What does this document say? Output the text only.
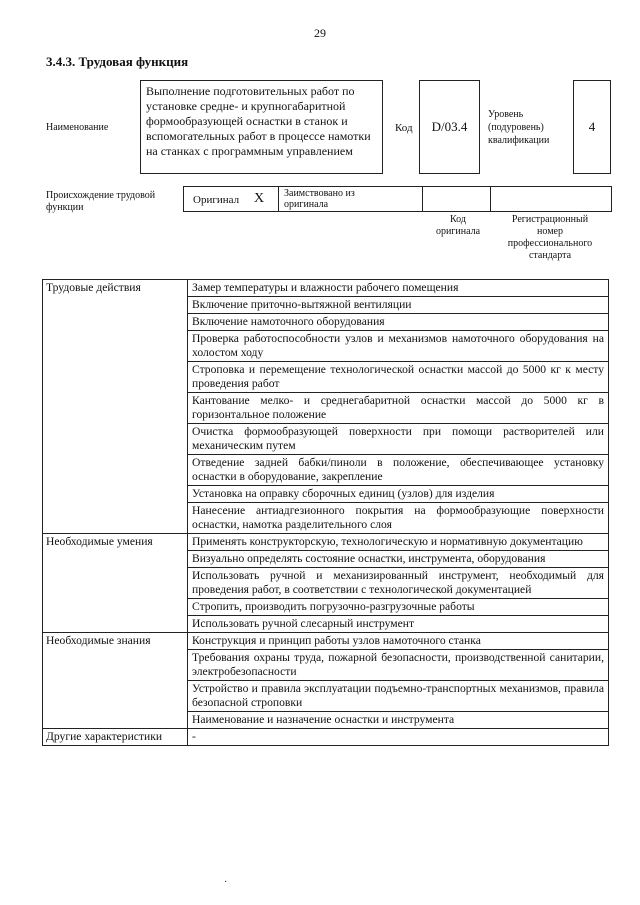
29
3.4.3. Трудовая функция
Наименование
Выполнение подготовительных работ по установке средне- и крупногабаритной формообразующей оснастки в станок и вспомогательных работ в процессе намотки на станках с программным управлением
Код D/03.4
Уровень
(подуровень)
квалификации
4
Происхождение трудовой
функции
Оригинал X Заимствовано из
оригинала
Код
оригинала
Регистрационный
номер
профессионального
стандарта
Трудовые действия	Замер температуры и влажности рабочего помещения
	Включение приточно-вытяжной вентиляции
	Включение намоточного оборудования
	Проверка работоспособности узлов и механизмов намоточного оборудования на холостом ходу
	Строповка и перемещение технологической оснастки массой до 5000 кг к месту проведения работ
	Кантование мелко- и среднегабаритной оснастки массой до 5000 кг в горизонтальное положение
	Очистка формообразующей поверхности при помощи растворителей или механическим путем
	Отведение задней бабки/пиноли в положение, обеспечивающее установку оснастки в оборудование, закрепление
	Установка на оправку сборочных единиц (узлов) для изделия
	Нанесение антиадгезионного покрытия на формообразующие поверхности оснастки, намотка разделительного слоя
Необходимые умения	Применять конструкторскую, технологическую и нормативную документацию
	Визуально определять состояние оснастки, инструмента, оборудования
	Использовать ручной и механизированный инструмент, необходимый для проведения работ, в соответствии с технологической документацией
	Стропить, производить погрузочно-разгрузочные работы
	Использовать ручной слесарный инструмент
Необходимые знания	Конструкция и принцип работы узлов намоточного станка
	Требования охраны труда, пожарной безопасности, производственной санитарии, электробезопасности
	Устройство и правила эксплуатации подъемно-транспортных механизмов, правила безопасной строповки
	Наименование и назначение оснастки и инструмента
Другие характеристики	-
·
